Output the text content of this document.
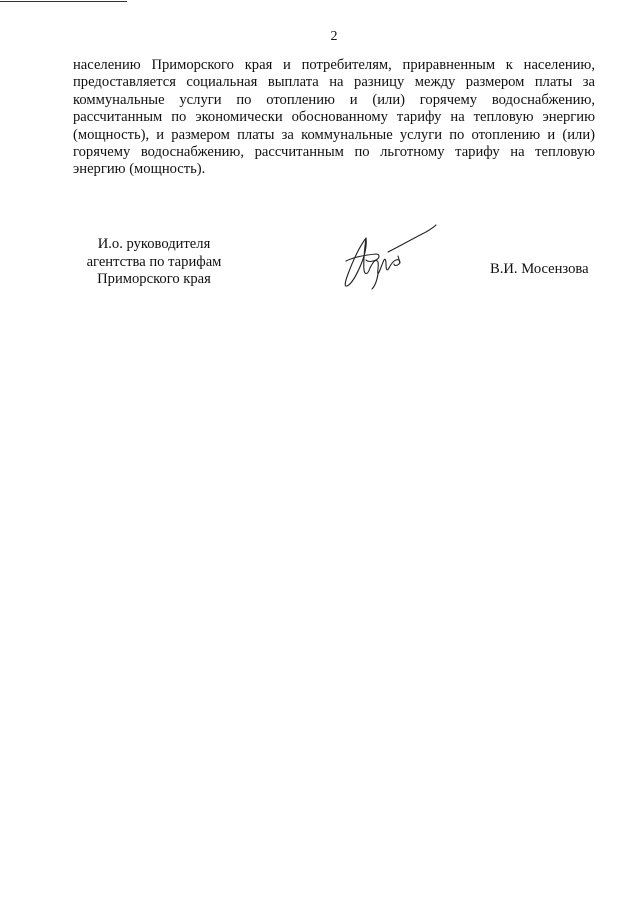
2

населению Приморского края и потребителям, приравненным к населению,
предоставляется социальная выплата на разницу между размером платы за
коммунальные услуги по отоплению и (или) горячему водоснабжению,
рассчитанным по экономически обоснованному тарифу на тепловую энергию
(мощность), и размером платы за коммунальные услуги по отоплению и (или)
горячему водоснабжению, рассчитанным по льготному тарифу на тепловую
энергию (мощность).

И.о. руководителя
агентства по тарифам
Приморского края
В.И. Мосензова
